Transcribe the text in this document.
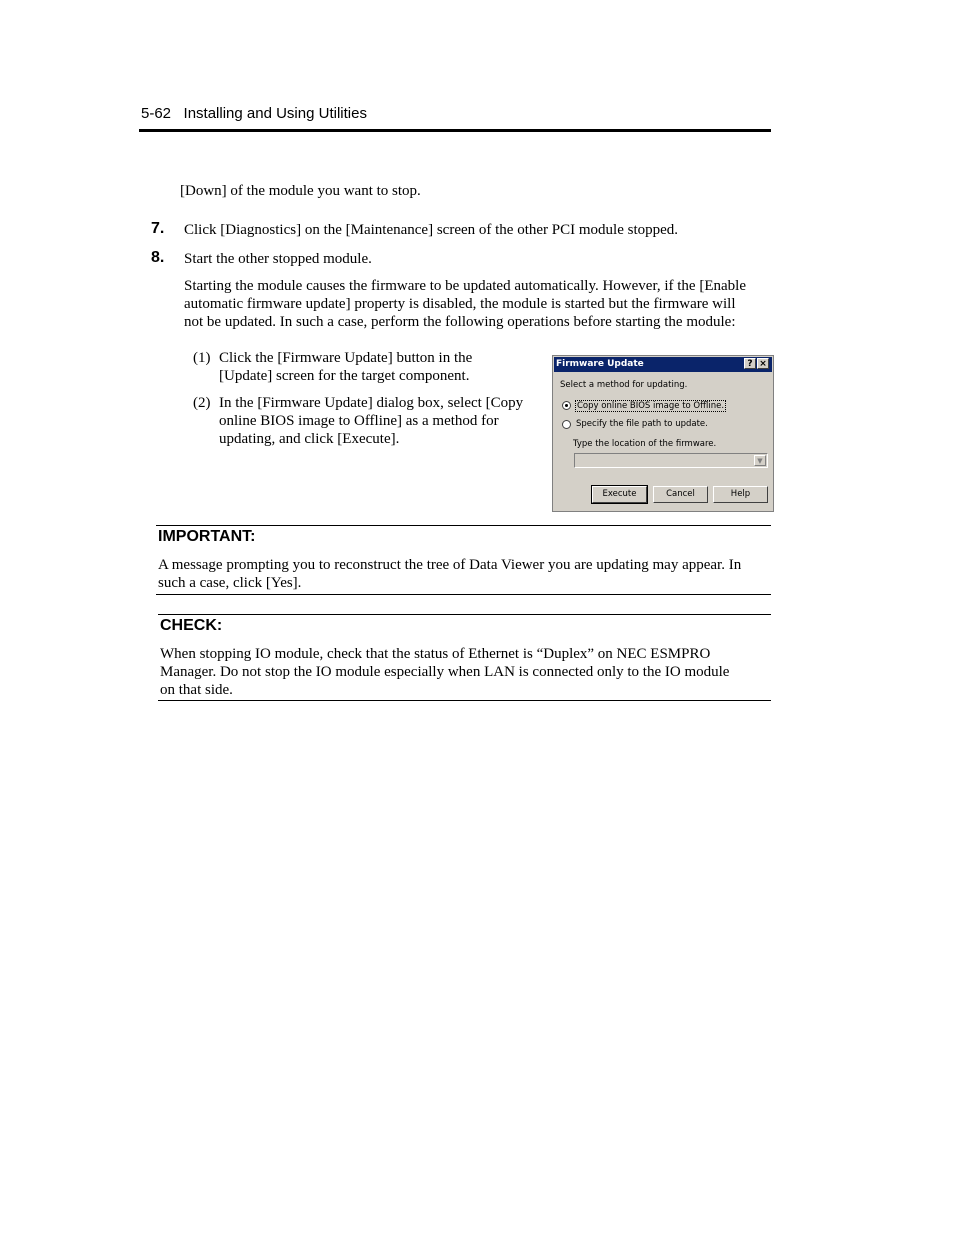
5-62   Installing and Using Utilities
[Down] of the module you want to stop.
7. Click [Diagnostics] on the [Maintenance] screen of the other PCI module stopped.
8. Start the other stopped module.
Starting the module causes the firmware to be updated automatically. However, if the [Enable
automatic firmware update] property is disabled, the module is started but the firmware will
not be updated. In such a case, perform the following operations before starting the module:
(1) Click the [Firmware Update] button in the
[Update] screen for the target component.
(2) In the [Firmware Update] dialog box, select [Copy
online BIOS image to Offline] as a method for
updating, and click [Execute].
Firmware Update	? ×
Select a method for updating.
Copy online BIOS image to Offline.
Specify the file path to update.
Type the location of the firmware.
▼
Execute	Cancel	Help
IMPORTANT:
A message prompting you to reconstruct the tree of Data Viewer you are updating may appear. In
such a case, click [Yes].
CHECK:
When stopping IO module, check that the status of Ethernet is “Duplex” on NEC ESMPRO
Manager. Do not stop the IO module especially when LAN is connected only to the IO module
on that side.
